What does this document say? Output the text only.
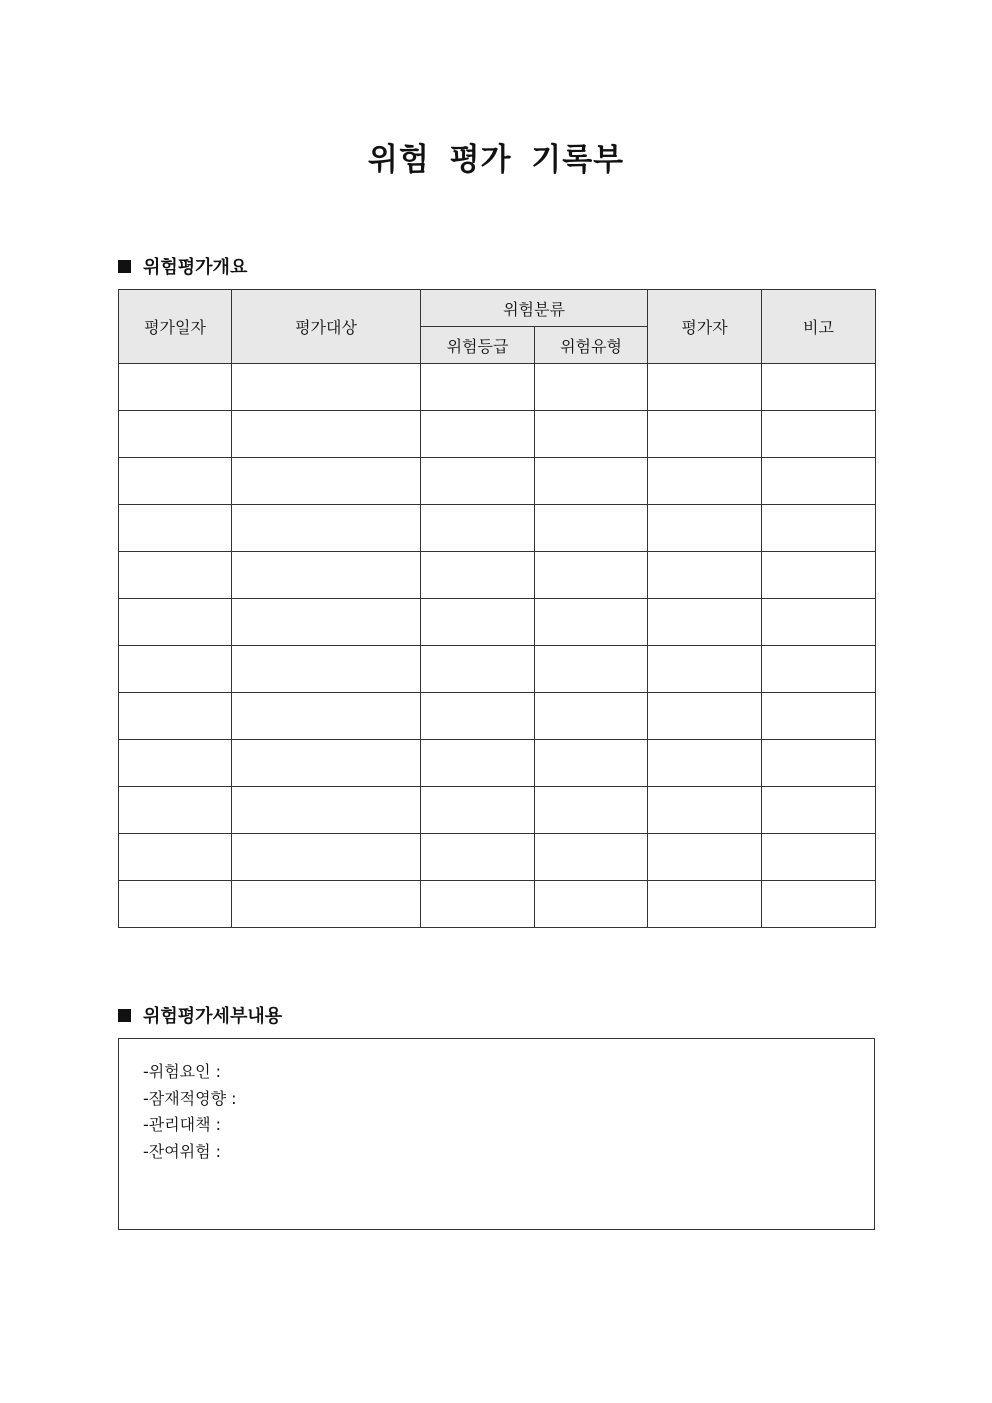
위험 평가 기록부
위험평가개요
평가일자	평가대상	위험분류		평가자	비고
		위험등급	위험유형		

위험평가세부내용
-위험요인 :
-잠재적영향 :
-관리대책 :
-잔여위험 :
